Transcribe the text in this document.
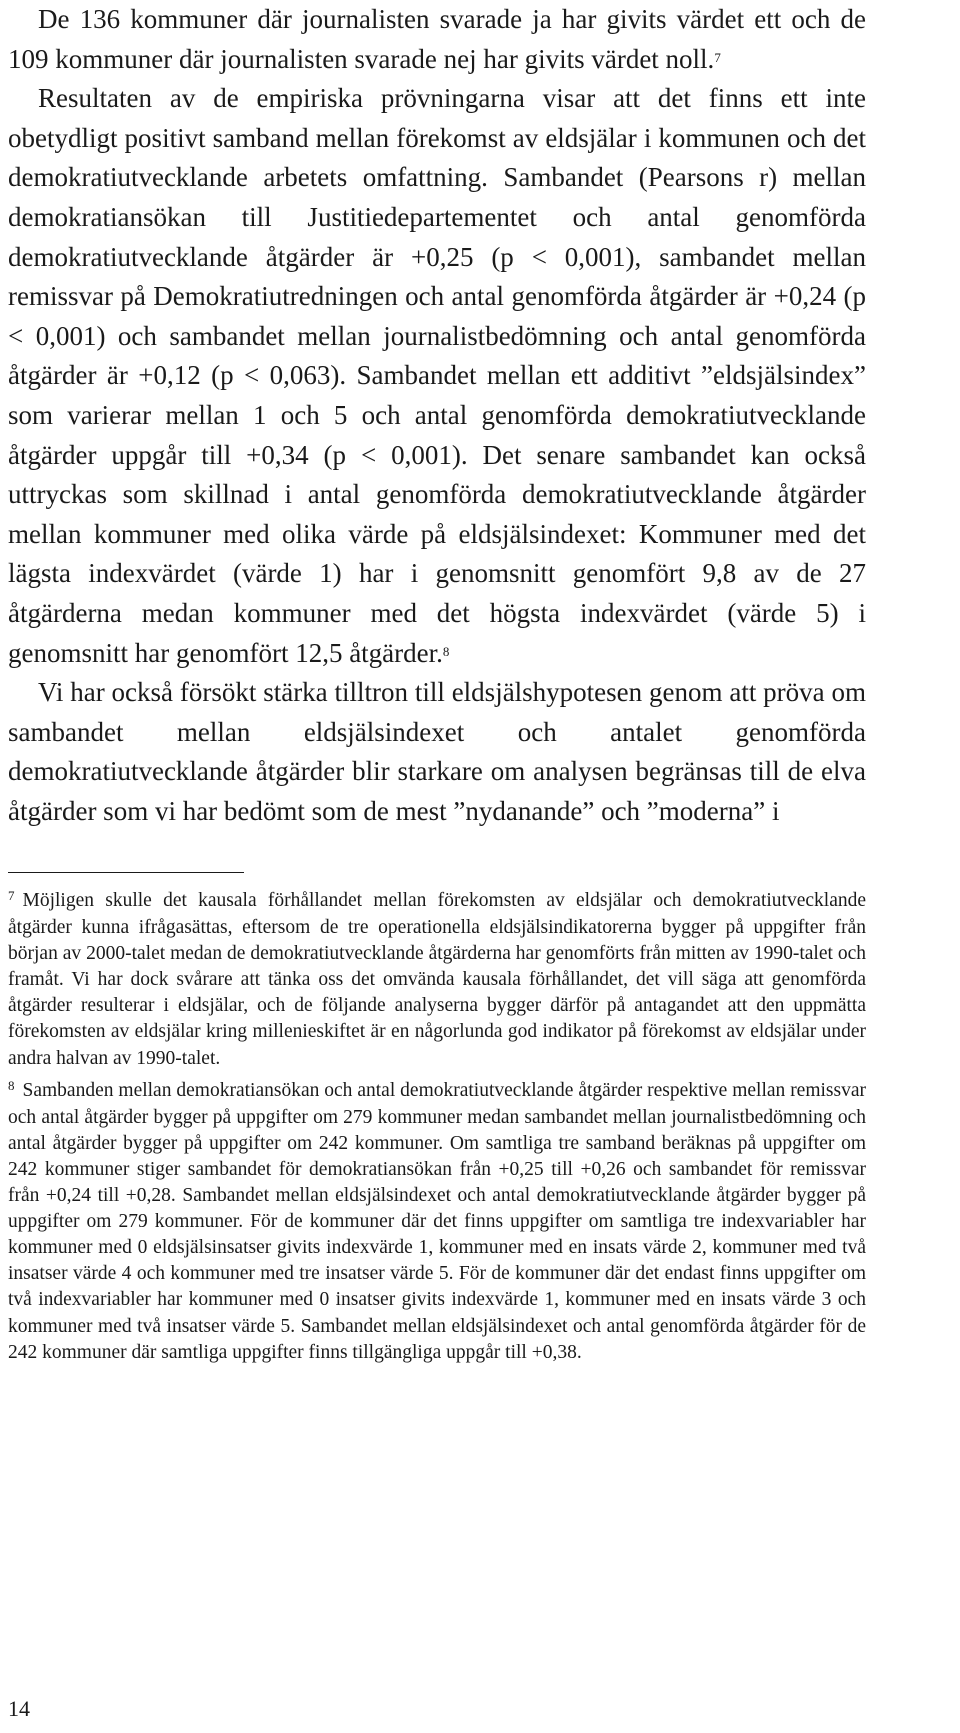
De 136 kommuner där journalisten svarade ja har givits värdet ett och de 109 kommuner där journalisten svarade nej har givits värdet noll.$^7$

Resultaten av de empiriska prövningarna visar att det finns ett inte obetydligt positivt samband mellan förekomst av eldsjälar i kommunen och det demokratiutvecklande arbetets omfattning. Sambandet (Pearsons r) mellan demokratiansökan till Justitiedepartementet och antal genomförda demokratiutvecklande åtgärder är +0,25 (p < 0,001), sambandet mellan remissvar på Demokratiutredningen och antal genomförda åtgärder är +0,24 (p < 0,001) och sambandet mellan journalistbedömning och antal genomförda åtgärder är +0,12 (p < 0,063). Sambandet mellan ett additivt ”eldsjälsindex” som varierar mellan 1 och 5 och antal genomförda demokratiutvecklande åtgärder uppgår till +0,34 (p < 0,001). Det senare sambandet kan också uttryckas som skillnad i antal genomförda demokratiutvecklande åtgärder mellan kommuner med olika värde på eldsjälsindexet: Kommuner med det lägsta indexvärdet (värde 1) har i genomsnitt genomfört 9,8 av de 27 åtgärderna medan kommuner med det högsta indexvärdet (värde 5) i genomsnitt har genomfört 12,5 åtgärder.$^8$

Vi har också försökt stärka tilltron till eldsjälshypotesen genom att pröva om sambandet mellan eldsjälsindexet och antalet genomförda demokratiutvecklande åtgärder blir starkare om analysen begränsas till de elva åtgärder som vi har bedömt som de mest ”nydanande” och ”moderna” i

$^7$ Möjligen skulle det kausala förhållandet mellan förekomsten av eldsjälar och demokratiutvecklande åtgärder kunna ifrågasättas, eftersom de tre operationella eldsjälsindikatorerna bygger på uppgifter från början av 2000-talet medan de demokratiutvecklande åtgärderna har genomförts från mitten av 1990-talet och framåt. Vi har dock svårare att tänka oss det omvända kausala förhållandet, det vill säga att genomförda åtgärder resulterar i eldsjälar, och de följande analyserna bygger därför på antagandet att den uppmätta förekomsten av eldsjälar kring millenieskiftet är en någorlunda god indikator på förekomst av eldsjälar under andra halvan av 1990-talet.

$^8$ Sambanden mellan demokratiansökan och antal demokratiutvecklande åtgärder respektive mellan remissvar och antal åtgärder bygger på uppgifter om 279 kommuner medan sambandet mellan journalistbedömning och antal åtgärder bygger på uppgifter om 242 kommuner. Om samtliga tre samband beräknas på uppgifter om 242 kommuner stiger sambandet för demokratiansökan från +0,25 till +0,26 och sambandet för remissvar från +0,24 till +0,28. Sambandet mellan eldsjälsindexet och antal demokratiutvecklande åtgärder bygger på uppgifter om 279 kommuner. För de kommuner där det finns uppgifter om samtliga tre indexvariabler har kommuner med 0 eldsjälsinsatser givits indexvärde 1, kommuner med en insats värde 2, kommuner med två insatser värde 4 och kommuner med tre insatser värde 5. För de kommuner där det endast finns uppgifter om två indexvariabler har kommuner med 0 insatser givits indexvärde 1, kommuner med en insats värde 3 och kommuner med två insatser värde 5. Sambandet mellan eldsjälsindexet och antal genomförda åtgärder för de 242 kommuner där samtliga uppgifter finns tillgängliga uppgår till +0,38.

14
